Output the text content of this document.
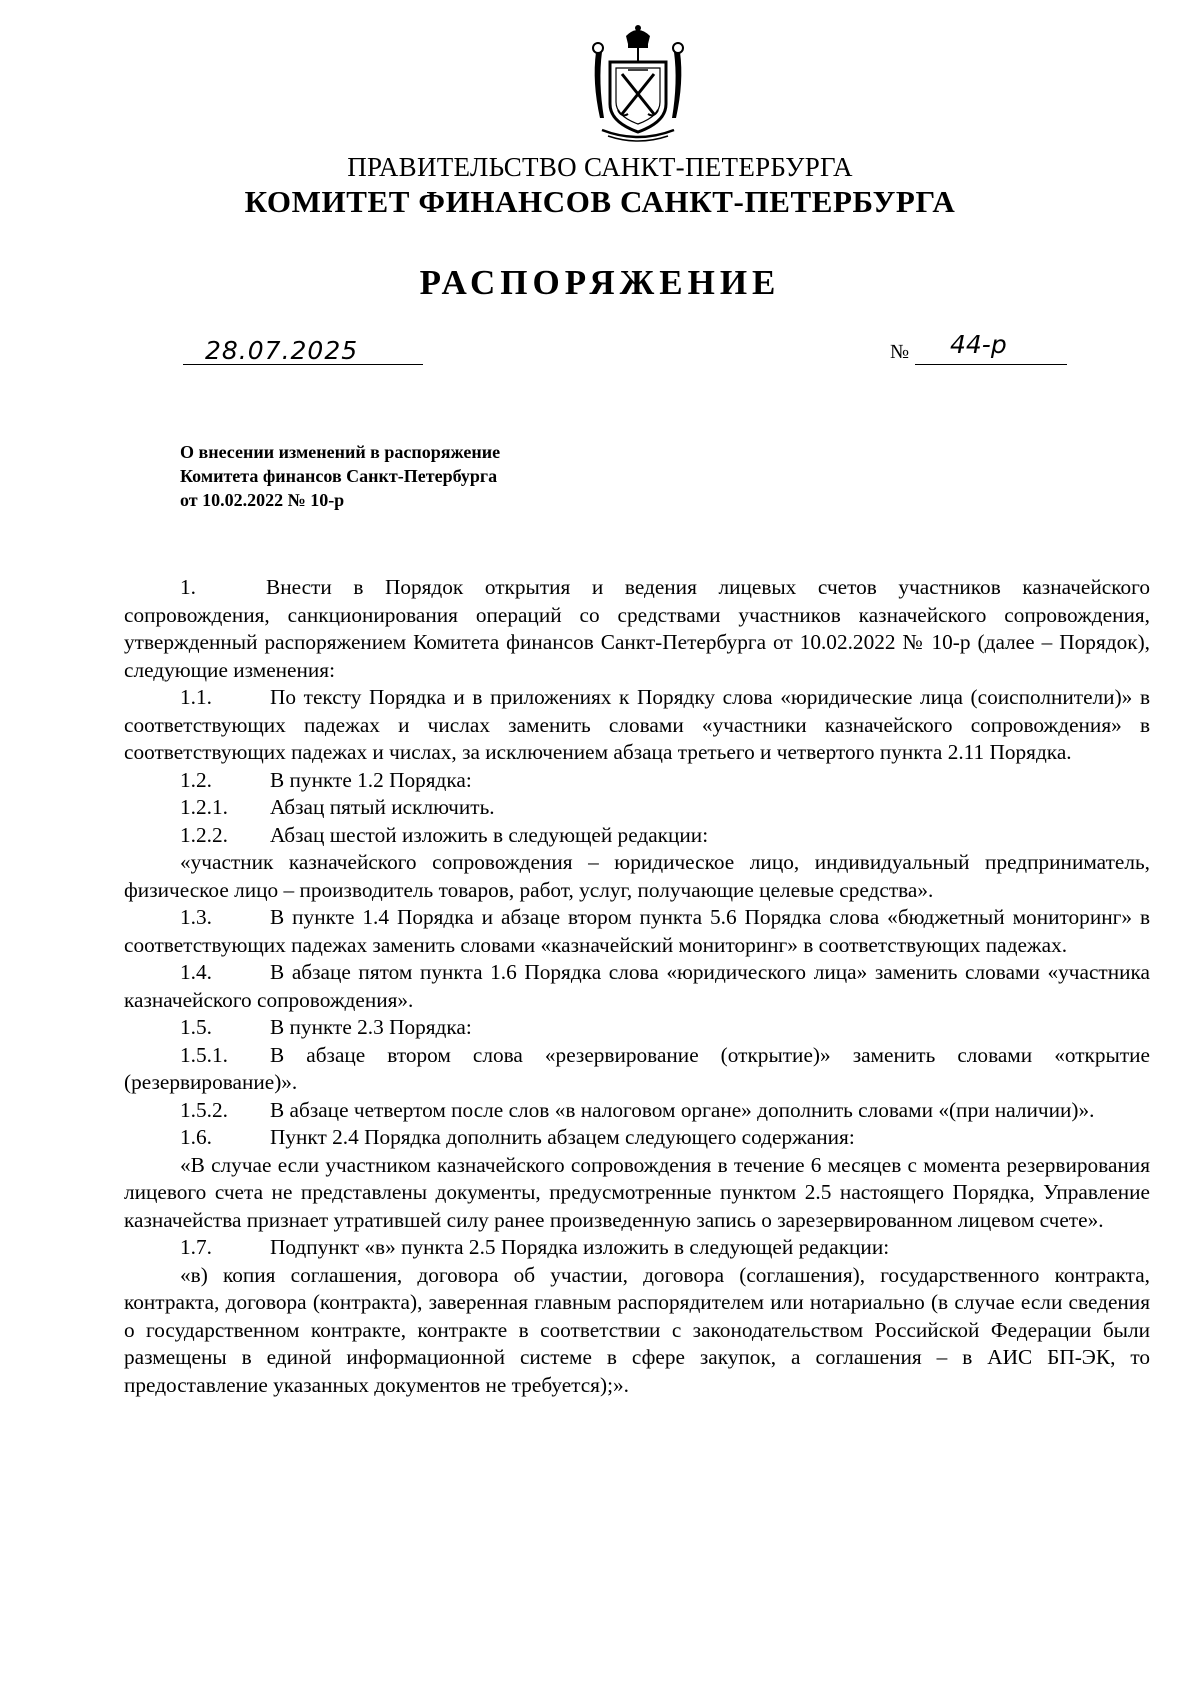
ПРАВИТЕЛЬСТВО САНКТ-ПЕТЕРБУРГА
КОМИТЕТ ФИНАНСОВ САНКТ-ПЕТЕРБУРГА
РАСПОРЯЖЕНИЕ
28.07.2025	№ 44-р
О внесении изменений в распоряжение
Комитета финансов Санкт-Петербурга
от 10.02.2022 № 10-р

1.	Внести в Порядок открытия и ведения лицевых счетов участников казначейского сопровождения, санкционирования операций со средствами участников казначейского сопровождения, утвержденный распоряжением Комитета финансов Санкт-Петербурга от 10.02.2022 № 10-р (далее – Порядок), следующие изменения:

1.1.	По тексту Порядка и в приложениях к Порядку слова «юридические лица (соисполнители)» в соответствующих падежах и числах заменить словами «участники казначейского сопровождения» в соответствующих падежах и числах, за исключением абзаца третьего и четвертого пункта 2.11 Порядка.

1.2.	В пункте 1.2 Порядка:

1.2.1. Абзац пятый исключить.

1.2.2. Абзац шестой изложить в следующей редакции:

«участник казначейского сопровождения – юридическое лицо, индивидуальный предприниматель, физическое лицо – производитель товаров, работ, услуг, получающие целевые средства».

1.3.	В пункте 1.4 Порядка и абзаце втором пункта 5.6 Порядка слова «бюджетный мониторинг» в соответствующих падежах заменить словами «казначейский мониторинг» в соответствующих падежах.

1.4.	В абзаце пятом пункта 1.6 Порядка слова «юридического лица» заменить словами «участника казначейского сопровождения».

1.5.	В пункте 2.3 Порядка:

1.5.1. В абзаце втором слова «резервирование (открытие)» заменить словами «открытие (резервирование)».

1.5.2. В абзаце четвертом после слов «в налоговом органе» дополнить словами «(при наличии)».

1.6.	Пункт 2.4 Порядка дополнить абзацем следующего содержания:

«В случае если участником казначейского сопровождения в течение 6 месяцев с момента резервирования лицевого счета не представлены документы, предусмотренные пунктом 2.5 настоящего Порядка, Управление казначейства признает утратившей силу ранее произведенную запись о зарезервированном лицевом счете».

1.7.	Подпункт «в» пункта 2.5 Порядка изложить в следующей редакции:

«в) копия соглашения, договора об участии, договора (соглашения), государственного контракта, контракта, договора (контракта), заверенная главным распорядителем или нотариально (в случае если сведения о государственном контракте, контракте в соответствии с законодательством Российской Федерации были размещены в единой информационной системе в сфере закупок, а соглашения – в АИС БП-ЭК, то предоставление указанных документов не требуется);».
